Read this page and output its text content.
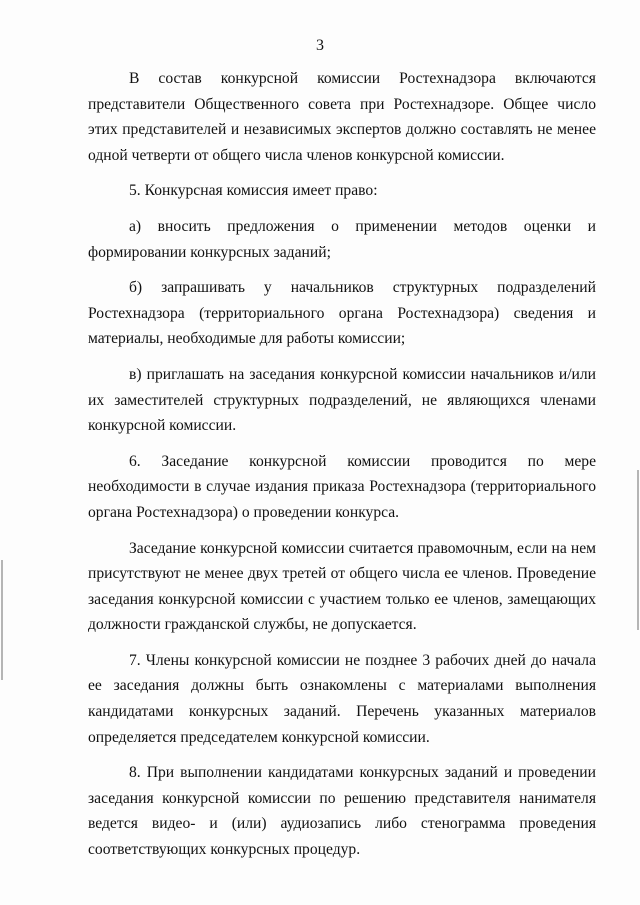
3

В состав конкурсной комиссии Ростехнадзора включаются представители Общественного совета при Ростехнадзоре. Общее число этих представителей и независимых экспертов должно составлять не менее одной четверти от общего числа членов конкурсной комиссии.

5. Конкурсная комиссия имеет право:

а) вносить предложения о применении методов оценки и формировании конкурсных заданий;

б) запрашивать у начальников структурных подразделений Ростехнадзора (территориального органа Ростехнадзора) сведения и материалы, необходимые для работы комиссии;

в) приглашать на заседания конкурсной комиссии начальников и/или их заместителей структурных подразделений, не являющихся членами конкурсной комиссии.

6. Заседание конкурсной комиссии проводится по мере необходимости в случае издания приказа Ростехнадзора (территориального органа Ростехнадзора) о проведении конкурса.

Заседание конкурсной комиссии считается правомочным, если на нем присутствуют не менее двух третей от общего числа ее членов. Проведение заседания конкурсной комиссии с участием только ее членов, замещающих должности гражданской службы, не допускается.

7. Члены конкурсной комиссии не позднее 3 рабочих дней до начала ее заседания должны быть ознакомлены с материалами выполнения кандидатами конкурсных заданий. Перечень указанных материалов определяется председателем конкурсной комиссии.

8. При выполнении кандидатами конкурсных заданий и проведении заседания конкурсной комиссии по решению представителя нанимателя ведется видео- и (или) аудиозапись либо стенограмма проведения соответствующих конкурсных процедур.
